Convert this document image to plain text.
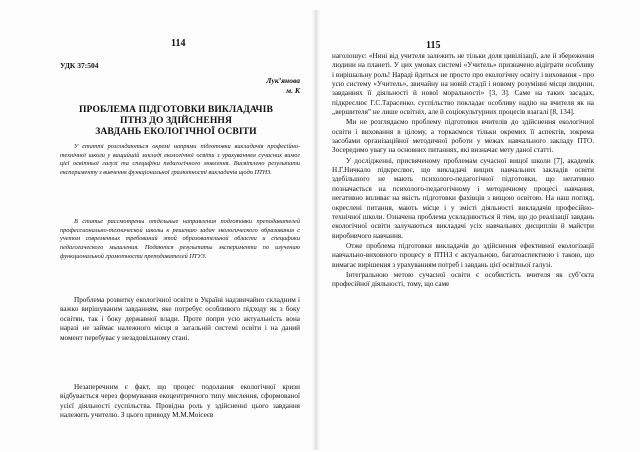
114
УДК 37:504
Лук’янова
м. К
ПРОБЛЕМА ПІДГОТОВКИ ВИКЛАДАЧІВ
ПТНЗ ДО ЗДІЙСНЕННЯ
ЗАВДАНЬ ЕКОЛОГІЧНОЇ ОСВІТИ
У статті розглядаються окремі напрями підготовки викладачів професійно-технічної школи у вищийшій закладі екологічної освіти з урахуванням сучасних вимог цієї освітньої галузі та специфіки педагогічного мовлення. Висвітлено результати експерименту з вивчення функціональної грамотності викладачів щодо ПТНЗ.
В статье рассмотрены отдельные направления подготовки преподавателей профессионально-технической школы к решению задач экологического образования с учетом современных требований этой образовательной области и специфики педагогического мышления. Подаются результаты эксперимента по изучению функциональной грамотности преподавателей ПТУЗ.

Проблема розвитку екологічної освіти в Україні надзвичайно складним і важко вирішуваним завданням, яке потребує особливого підходу як з боку освітян, так і боку державної влади. Проте попри усю актуальність вона наразі не займає належного місця в загальній системі освіти і на даний момент перебуває у незадовільному стані.

Незаперечним є факт, що процес подолання екологічної кризи відбувається через формування екоцентричного типу мислення, сформованої усієї діяльності суспільства. Провідна роль у здійсненні цього завдання належить учителю. З цього приводу М.М.Моісеєв

115

наголошує: «Нині від учителя залежить не тільки доля цивілізації, але й збереження людини на планеті. У цих умовах системі «Учитель» призначено відіграти особливу і вирішальну роль! Нараді йдеться не просто про екологічну освіту і виховання - про усю систему «Учитель», звичайну на новій стадії і новому розумінні місця людини, завданнях її діяльності й нової моральності» [3, 3]. Саме на таких засадах, підкреслює Г.С.Тарасенко, суспільство покладає особливу надію на вчителя як на „вершителя” не лише освітніх, але й соціокультурних процесів взагалі [8, 134].

Ми не розглядаємо проблему підготовки вчителів до здійснення екологічної освіти і виховання в цілому, а торкаємося тільки окремих її аспектів, зокрема засобами організаційної методичної роботи у межах навчального закладу ПТО. Зосередимо увагу на основних питаннях, які визначає мету даної статті.

У дослідженні, присвяченому проблемам сучасної вищої школи [7], академік Н.Г.Ничкало підкреслює, що викладачі вищих навчальних закладів освіти здебільшого не мають психолого-педагогічної підготовки, що негативно позначається на психолого-педагогічному і методичному процесі навчання, негативно впливає на якість підготовки фахівців з вищою освітою. На наш погляд, окреслені питання, мають місце і у змісті діяльності викладачів професійно-технічної школи. Означена проблема ускладнюється й тим, що до реалізації завдань екологічної освіти залучаються викладачі усіх навчальних дисциплін й майстри виробничого навчання.

Отже проблема підготовки викладачів до здійснення ефективної екологізації навчально-виховного процесу в ПТНЗ є актуальною, багатоаспектною і такою, що вимагає вирішення з урахуванням потреб і завдань цієї освітньої галузі.

Інтегральною метою сучасної освіти є особистість вчителя як суб’єкта професійної діяльності, тому, що саме
